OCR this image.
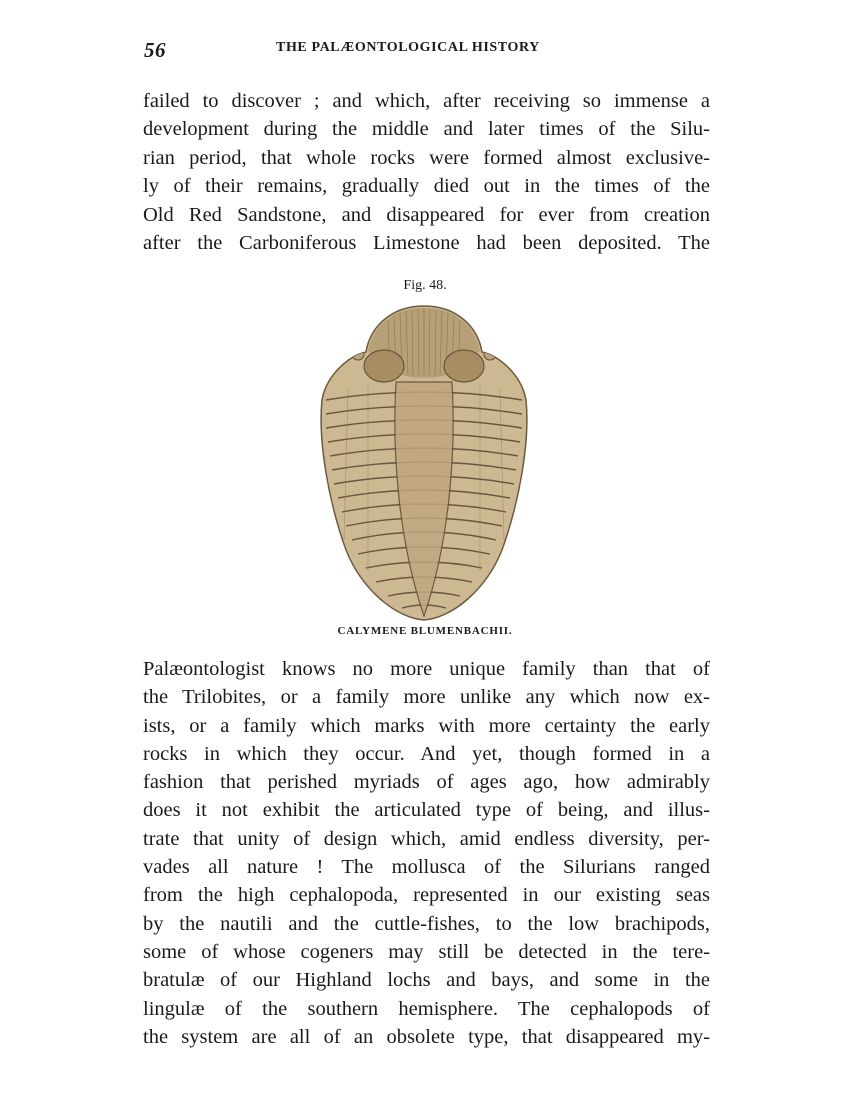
56	THE PALÆONTOLOGICAL HISTORY
failed to discover ; and which, after receiving so immense a
development during the middle and later times of the Silu-
rian period, that whole rocks were formed almost exclusive-
ly of their remains, gradually died out in the times of the
Old Red Sandstone, and disappeared for ever from creation
after the Carboniferous Limestone had been deposited. The
Fig. 48.
CALYMENE BLUMENBACHII.
Palæontologist knows no more unique family than that of
the Trilobites, or a family more unlike any which now ex-
ists, or a family which marks with more certainty the early
rocks in which they occur. And yet, though formed in a
fashion that perished myriads of ages ago, how admirably
does it not exhibit the articulated type of being, and illus-
trate that unity of design which, amid endless diversity, per-
vades all nature ! The mollusca of the Silurians ranged
from the high cephalopoda, represented in our existing seas
by the nautili and the cuttle-fishes, to the low brachipods,
some of whose cogeners may still be detected in the tere-
bratulæ of our Highland lochs and bays, and some in the
lingulæ of the southern hemisphere. The cephalopods of
the system are all of an obsolete type, that disappeared my-
